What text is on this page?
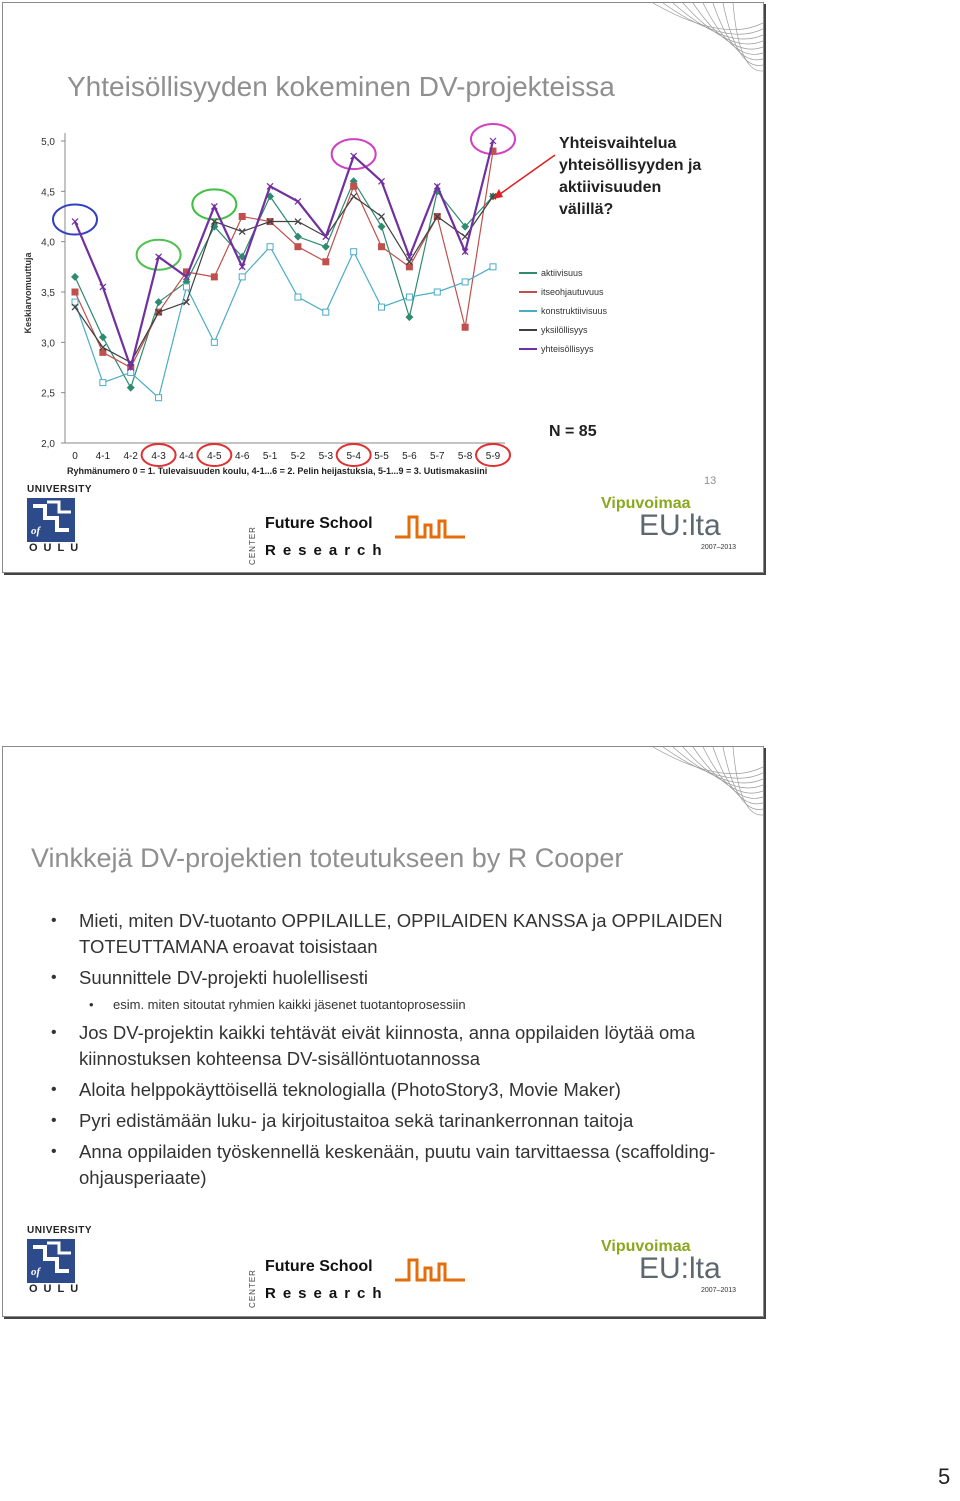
Yhteisöllisyyden kokeminen DV-projekteissa
2,0
2,5
3,0
3,5
4,0
4,5
5,0
Keskiarvomuuttuja
0 4-1 4-2 4-3 4-4 4-5 4-6 5-1 5-2 5-3 5-4 5-5 5-6 5-7 5-8 5-9
Ryhmänumero 0 = 1. Tulevaisuuden koulu, 4-1...6 = 2. Pelin heijastuksia, 5-1...9 = 3. Uutismakasiini
aktiivisuus
itseohjautuvuus
konstruktiivisuus
yksilöllisyys
yhteisöllisyys
Yhteisvaihtelua
yhteisöllisyyden ja
aktiivisuuden
välillä?
N = 85
13
UNIVERSITY
of
OULU	CENTER
Future School
Research
Vipuvoimaa
EU:lta
2007–2013
Vinkkejä DV-projektien toteutukseen by R Cooper
• Mieti, miten DV-tuotanto OPPILAILLE, OPPILAIDEN KANSSA ja OPPILAIDEN TOTEUTTAMANA eroavat toisistaan
• Suunnittele DV-projekti huolellisesti
• esim. miten sitoutat ryhmien kaikki jäsenet tuotantoprosessiin
• Jos DV-projektin kaikki tehtävät eivät kiinnosta, anna oppilaiden löytää oma kiinnostuksen kohteensa DV-sisällöntuotannossa
• Aloita helppokäyttöisellä teknologialla (PhotoStory3, Movie Maker)
• Pyri edistämään luku- ja kirjoitustaitoa sekä tarinankerronnan taitoja
• Anna oppilaiden työskennellä keskenään, puutu vain tarvittaessa (scaffolding-ohjausperiaate)
UNIVERSITY
of
OULU	CENTER
Future School
Research
Vipuvoimaa
EU:lta
2007–2013
5
